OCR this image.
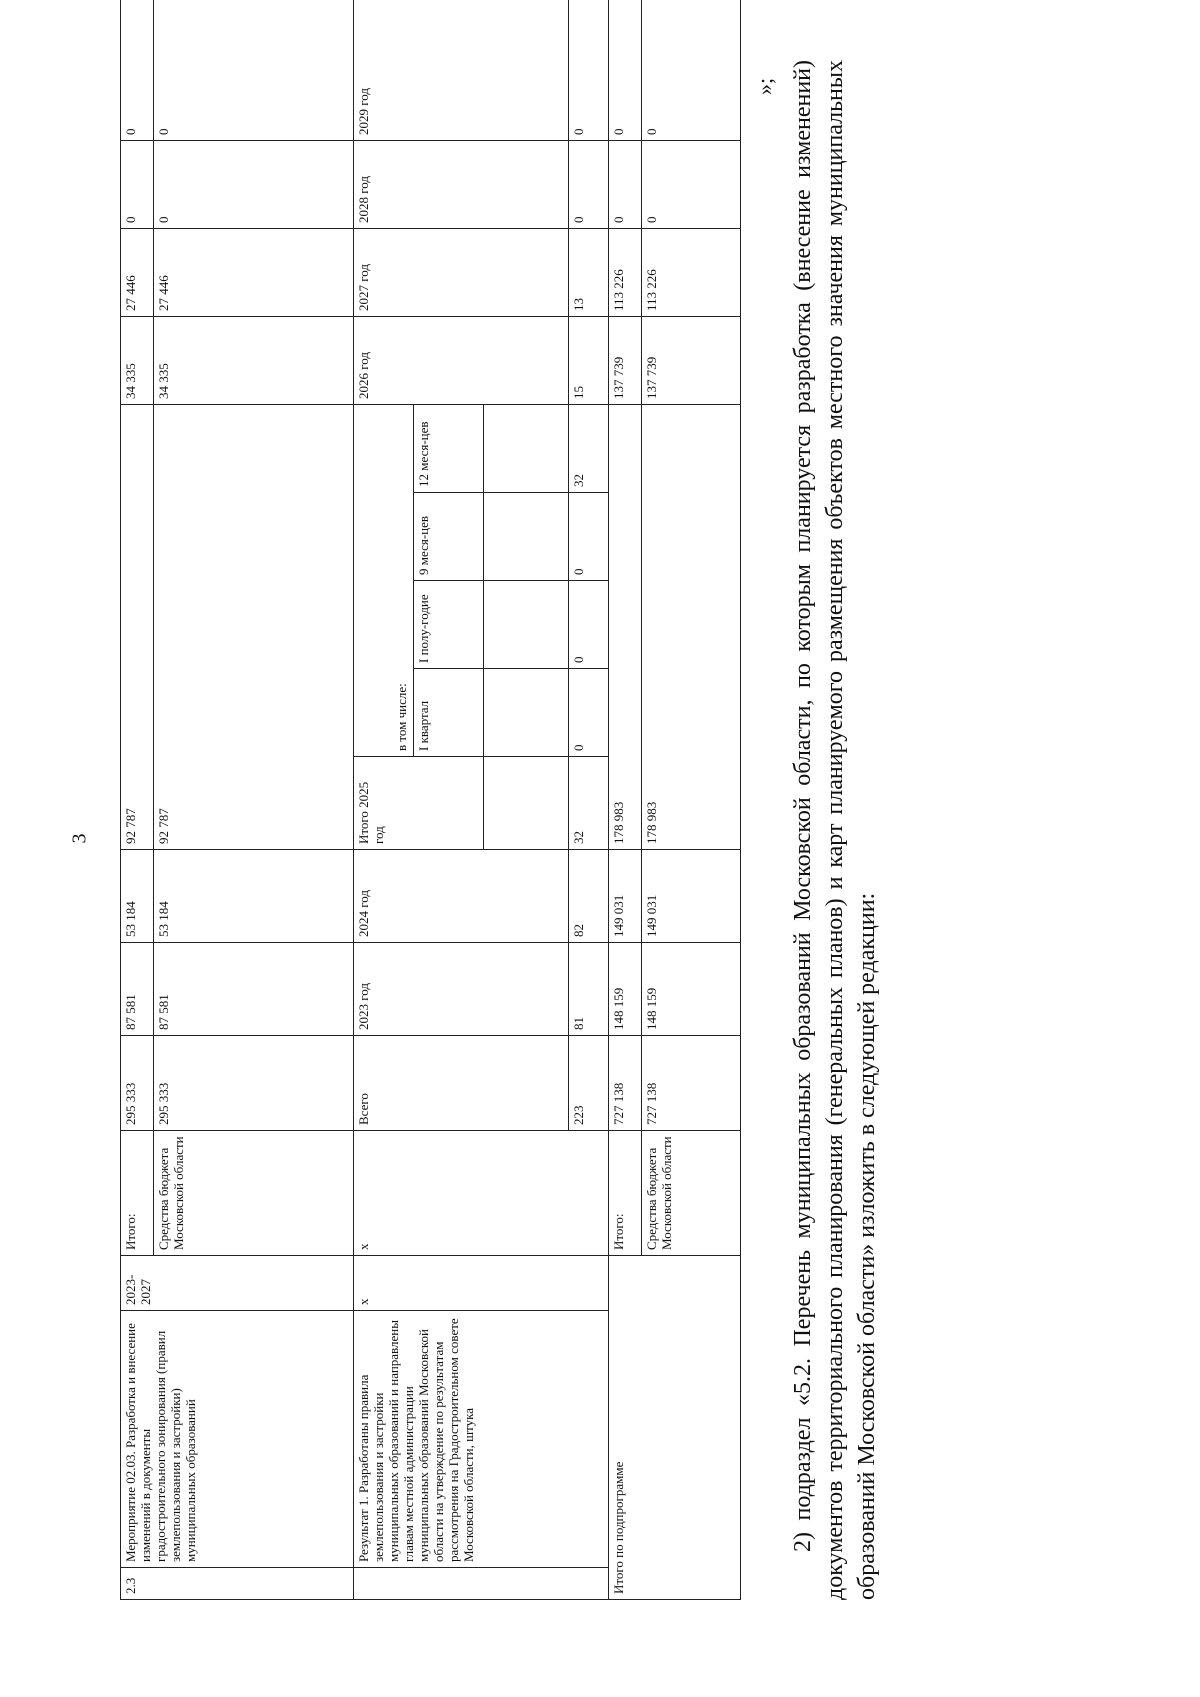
3
2.3	Мероприятие 02.03. Разработка и внесение изменений в документы градостроительного зонирования (правил землепользования и застройки) муниципальных образований	2023-2027	Итого:	295 333	87 581	53 184	92 787					34 335	27 446	0	0		
			Средства бюджета Московской области	295 333	87 581	53 184	92 787					34 335	27 446	0	0	
	Результат 1. Разработаны правила землепользования и застройки муниципальных образований и направлены главам местной администрации муниципальных образований Московской области на утверждение по результатам рассмотрения на Градостроительном совете Московской области, штука	x	x	Всего	2023 год	2024 год	Итого 2025 год	в том числе:				2026 год	2027 год	2028 год	2029 год		
								I квартал	I полу-годие	9 меся-цев	12 меся-цев					

				223	81	82	32	0	0	0	32	15	13	0	0	
Итого по подпрограмме			Итого:	727 138	148 159	149 031	178 983					137 739	113 226	0	0		
			Средства бюджета Московской области	727 138	148 159	149 031	178 983					137 739	113 226	0	0	
»; 2) подраздел «5.2. Перечень муниципальных образований Московской области, по которым планируется разработка (внесение изменений) документов территориального планирования (генеральных планов) и карт планируемого размещения объектов местного значения муниципальных образований Московской области» изложить в следующей редакции:
